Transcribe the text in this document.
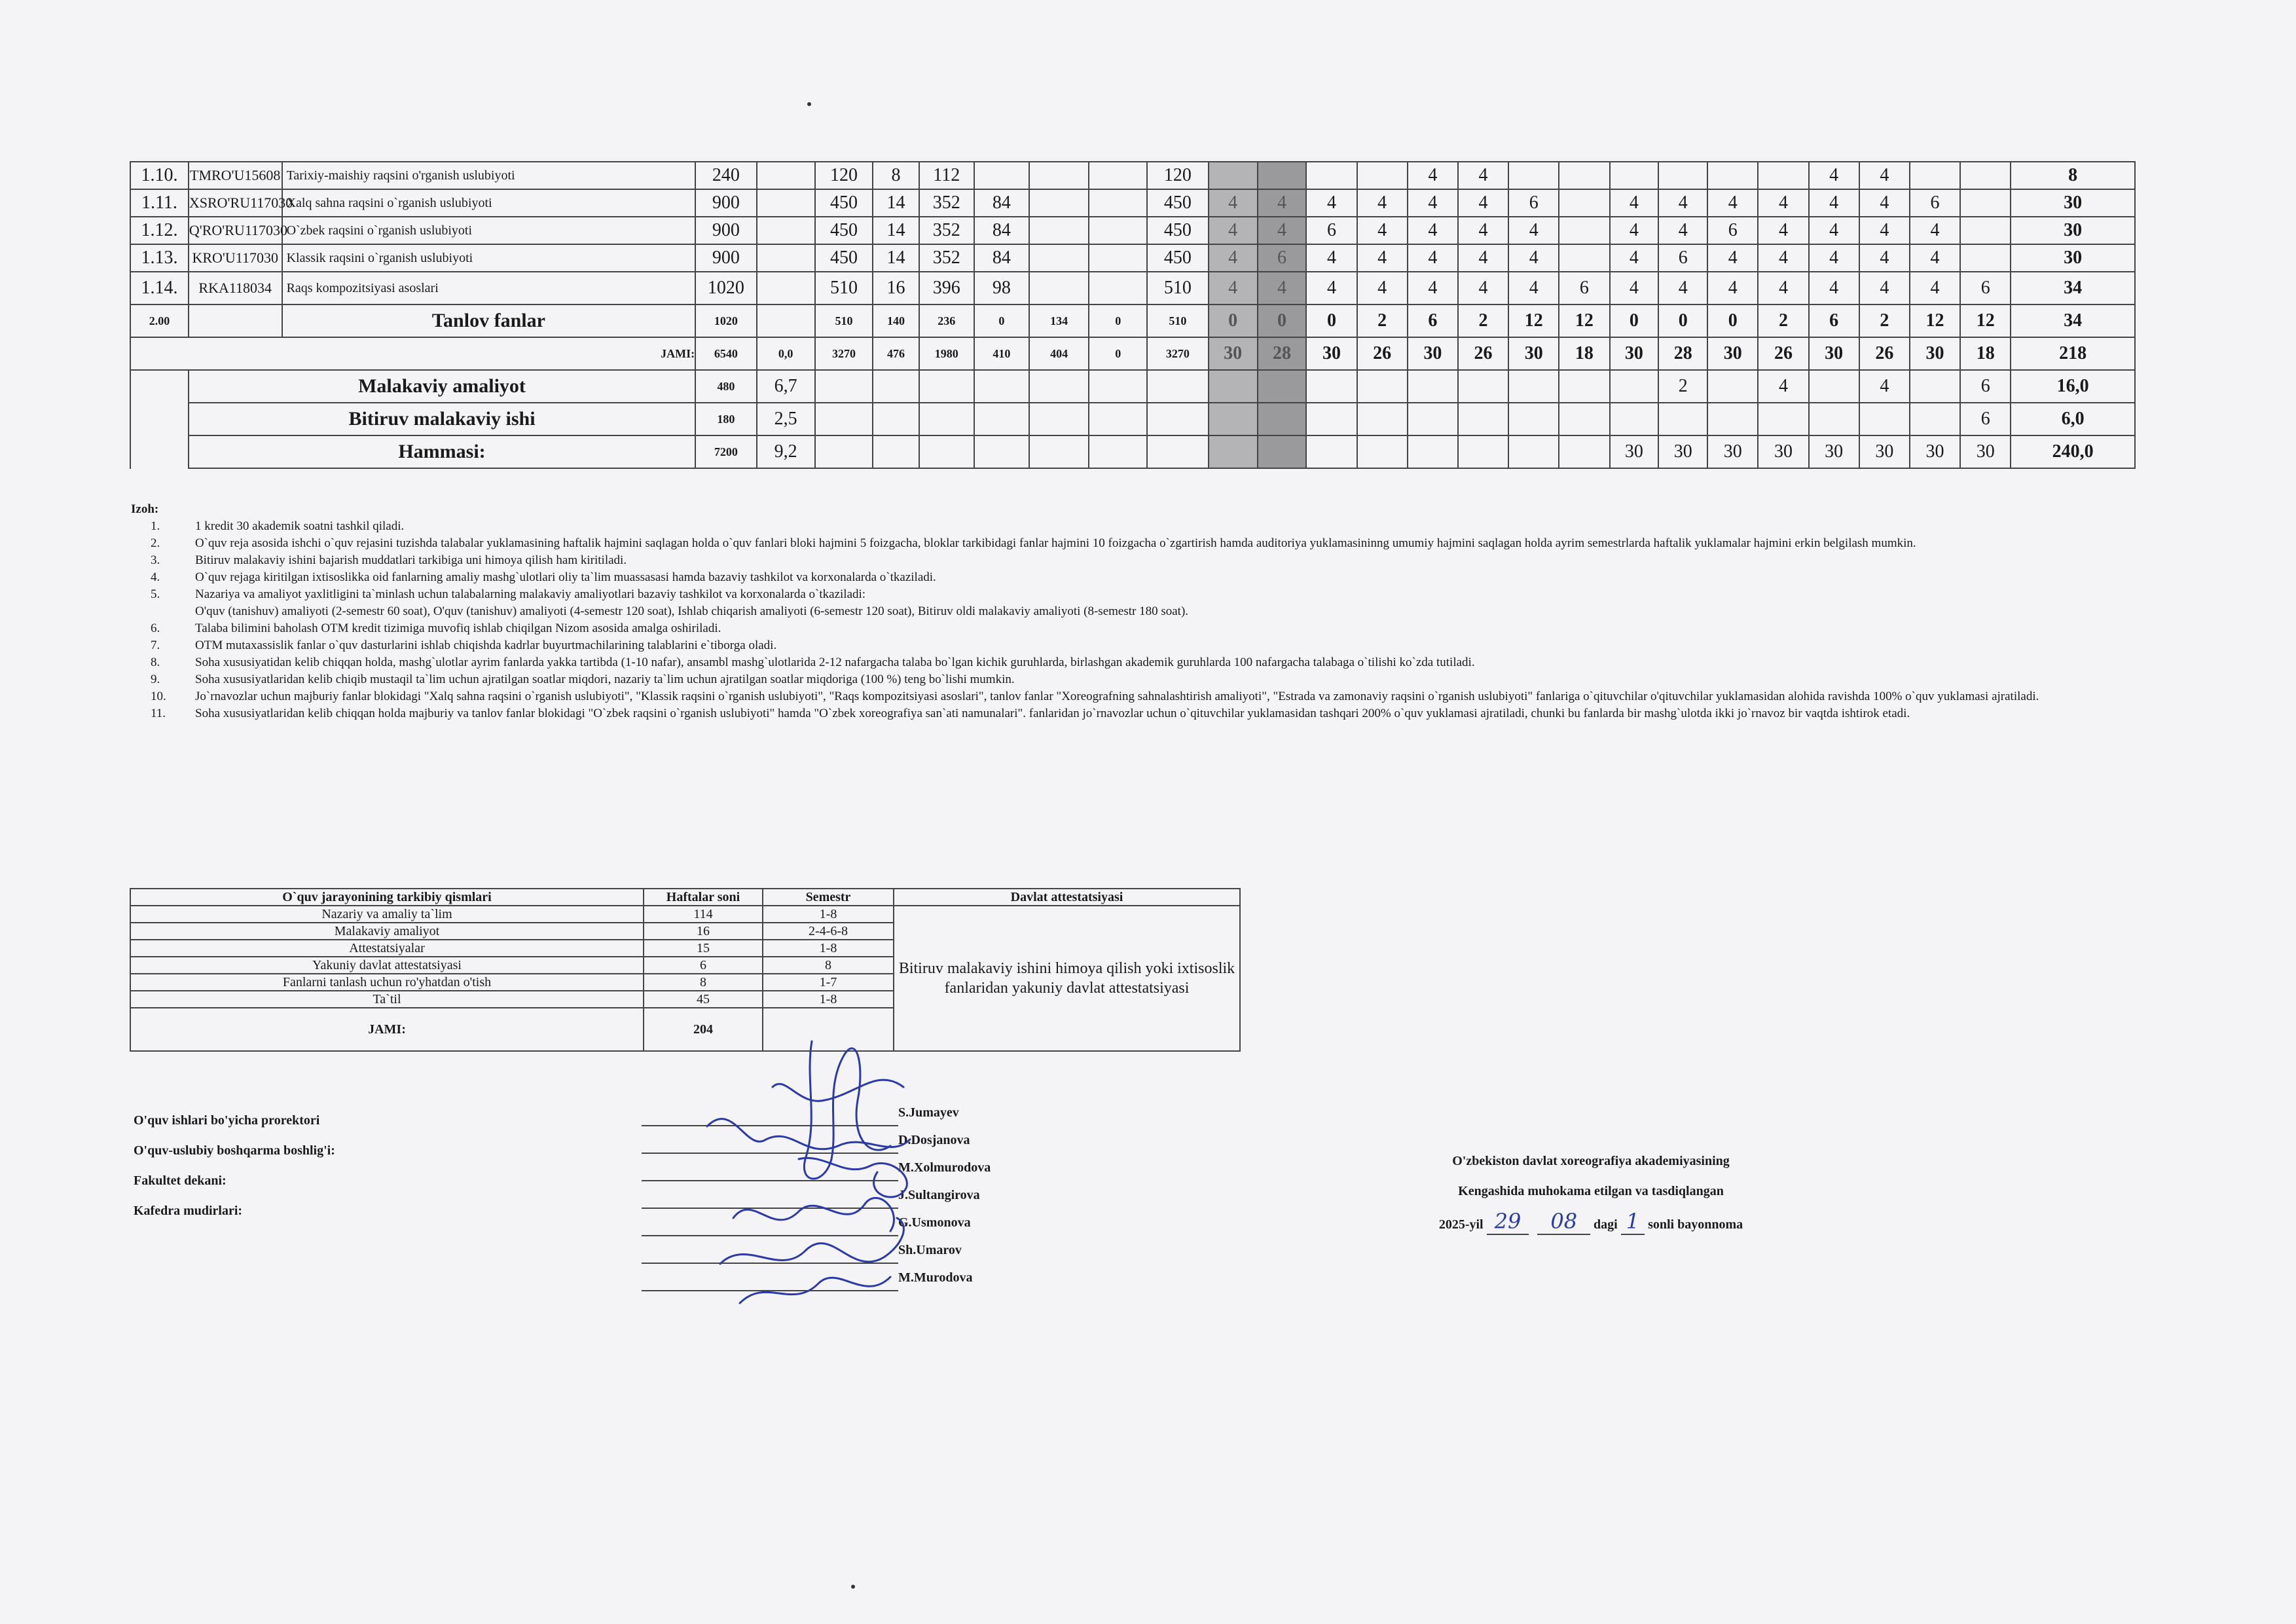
1.10.	TMRO'U15608	Tarixiy-maishiy raqsini o'rganish uslubiyoti	240		120	8	112				120					4	4							4	4			8
1.11.	XSRO'RU117030	Xalq sahna raqsini o`rganish uslubiyoti	900		450	14	352	84			450	4	4	4	4	4	4	6		4	4	4	4	4	4	6		30
1.12.	Q'RO'RU117030	O`zbek raqsini o`rganish uslubiyoti	900		450	14	352	84			450	4	4	6	4	4	4	4		4	4	6	4	4	4	4		30
1.13.	KRO'U117030	Klassik raqsini o`rganish uslubiyoti	900		450	14	352	84			450	4	6	4	4	4	4	4		4	6	4	4	4	4	4		30
1.14.	RKA118034	Raqs kompozitsiyasi asoslari	1020		510	16	396	98			510	4	4	4	4	4	4	4	6	4	4	4	4	4	4	4	6	34
2.00		Tanlov fanlar	1020		510	140	236	0	134	0	510	0	0	0	2	6	2	12	12	0	0	0	2	6	2	12	12	34
JAMI:			6540	0,0	3270	476	1980	410	404	0	3270	30	28	30	26	30	26	30	18	30	28	30	26	30	26	30	18	218
	Malakaviy amaliyot		480	6,7																	2		4		4		6	16,0
	Bitiruv malakaviy ishi		180	2,5																							6	6,0
	Hammasi:		7200	9,2																30	30	30	30	30	30	30	30	240,0
Izoh:
1.	1 kredit 30 akademik soatni tashkil qiladi.
2.	O`quv reja asosida ishchi o`quv rejasini tuzishda talabalar yuklamasining haftalik hajmini saqlagan holda o`quv fanlari bloki hajmini 5 foizgacha, bloklar tarkibidagi fanlar hajmini 10 foizgacha o`zgartirish hamda auditoriya yuklamasininng umumiy hajmini saqlagan holda ayrim semestrlarda haftalik yuklamalar hajmini erkin belgilash mumkin.
3.	Bitiruv malakaviy ishini bajarish muddatlari tarkibiga uni himoya qilish ham kiritiladi.
4.	O`quv rejaga kiritilgan ixtisoslikka oid fanlarning amaliy mashg`ulotlari oliy ta`lim muassasasi hamda bazaviy tashkilot va korxonalarda o`tkaziladi.
5.	Nazariya va amaliyot yaxlitligini ta`minlash uchun talabalarning malakaviy amaliyotlari bazaviy tashkilot va korxonalarda o`tkaziladi:
O'quv (tanishuv) amaliyoti (2-semestr 60 soat), O'quv (tanishuv) amaliyoti (4-semestr 120 soat), Ishlab chiqarish amaliyoti (6-semestr 120 soat), Bitiruv oldi malakaviy amaliyoti (8-semestr 180 soat).
6.	Talaba bilimini baholash OTM kredit tizimiga muvofiq ishlab chiqilgan Nizom asosida amalga oshiriladi.
7.	OTM mutaxassislik fanlar o`quv dasturlarini ishlab chiqishda kadrlar buyurtmachilarining talablarini e`tiborga oladi.
8.	Soha xususiyatidan kelib chiqqan holda, mashg`ulotlar ayrim fanlarda yakka tartibda (1-10 nafar), ansambl mashg`ulotlarida 2-12 nafargacha talaba bo`lgan kichik guruhlarda, birlashgan akademik guruhlarda 100 nafargacha talabaga o`tilishi ko`zda tutiladi.
9.	Soha xususiyatlaridan kelib chiqib mustaqil ta`lim uchun ajratilgan soatlar miqdori, nazariy ta`lim uchun ajratilgan soatlar miqdoriga (100 %) teng bo`lishi mumkin.
10. Jo`rnavozlar uchun majburiy fanlar blokidagi "Xalq sahna raqsini o`rganish uslubiyoti", "Klassik raqsini o`rganish uslubiyoti", "Raqs kompozitsiyasi asoslari", tanlov fanlar "Xoreografning sahnalashtirish amaliyoti", "Estrada va zamonaviy raqsini o`rganish uslubiyoti" fanlariga o`qituvchilar o'qituvchilar yuklamasidan alohida ravishda 100% o`quv yuklamasi ajratiladi.
11. Soha xususiyatlaridan kelib chiqqan holda majburiy va tanlov fanlar blokidagi "O`zbek raqsini o`rganish uslubiyoti" hamda "O`zbek xoreografiya san`ati namunalari". fanlaridan jo`rnavozlar uchun o`qituvchilar yuklamasidan tashqari 200% o`quv yuklamasi ajratiladi, chunki bu fanlarda bir mashg`ulotda ikki jo`rnavoz bir vaqtda ishtirok etadi.
O`quv jarayonining tarkibiy qismlari	Haftalar soni	Semestr	Davlat attestatsiyasi
Nazariy va amaliy ta`lim	114	1-8	Bitiruv malakaviy ishini himoya qilish yoki ixtisoslik fanlaridan yakuniy davlat attestatsiyasi
Malakaviy amaliyot	16	2-4-6-8	
Attestatsiyalar	15	1-8	
Yakuniy davlat attestatsiyasi	6	8	
Fanlarni tanlash uchun ro'yhatdan o'tish	8	1-7	
Ta`til	45	1-8	
JAMI:	204		
O'quv ishlari bo'yicha prorektori
O'quv-uslubiy boshqarma boshlig'i:
Fakultet dekani:
Kafedra mudirlari:
S.Jumayev
D.Dosjanova
M.Xolmurodova
J.Sultangirova
G.Usmonova
Sh.Umarov
M.Murodova
O'zbekiston davlat xoreografiya akademiyasining
Kengashida muhokama etilgan va tasdiqlangan
2025-yil 29 08 dagi 1 sonli bayonnoma
